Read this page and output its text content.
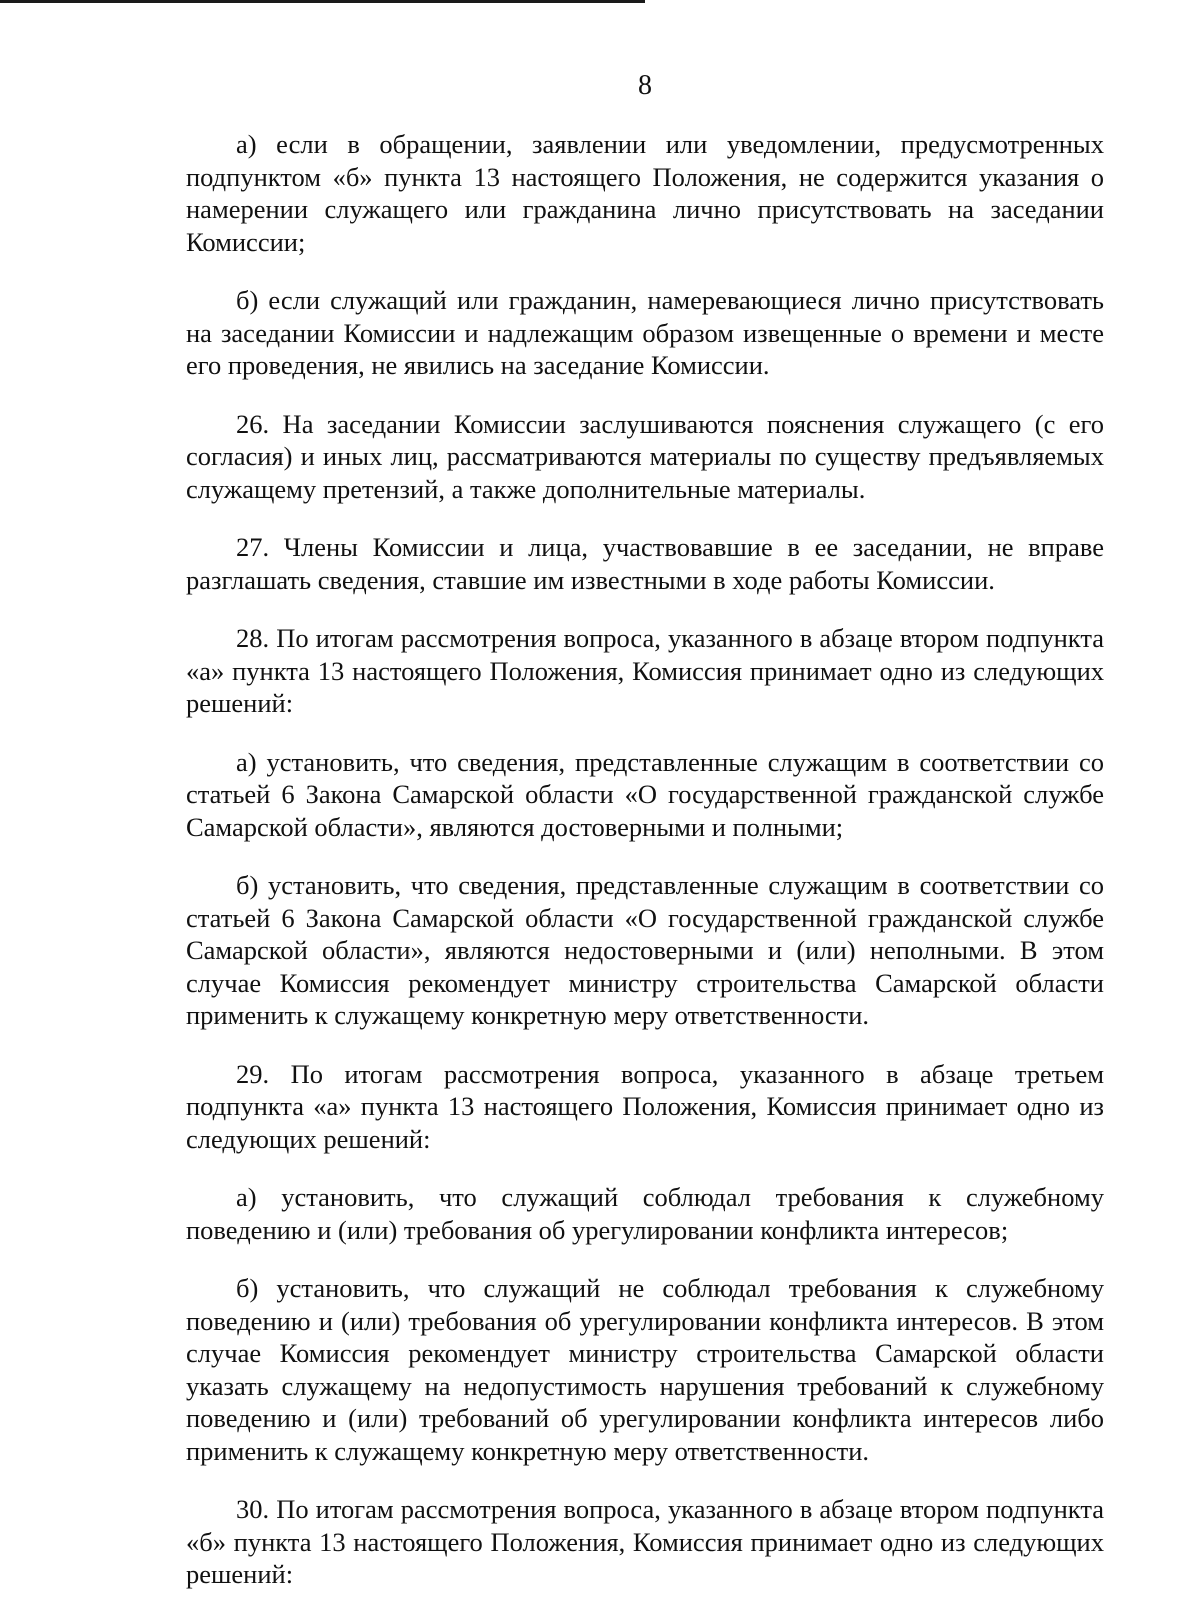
8

а) если в обращении, заявлении или уведомлении, предусмотренных подпунктом «б» пункта 13 настоящего Положения, не содержится указания о намерении служащего или гражданина лично присутствовать на заседании Комиссии;

б) если служащий или гражданин, намеревающиеся лично присутствовать на заседании Комиссии и надлежащим образом извещенные о времени и месте его проведения, не явились на заседание Комиссии.

26. На заседании Комиссии заслушиваются пояснения служащего (с его согласия) и иных лиц, рассматриваются материалы по существу предъявляемых служащему претензий, а также дополнительные материалы.

27. Члены Комиссии и лица, участвовавшие в ее заседании, не вправе разглашать сведения, ставшие им известными в ходе работы Комиссии.

28. По итогам рассмотрения вопроса, указанного в абзаце втором подпункта «а» пункта 13 настоящего Положения, Комиссия принимает одно из следующих решений:

а) установить, что сведения, представленные служащим в соответствии со статьей 6 Закона Самарской области «О государственной гражданской службе Самарской области», являются достоверными и полными;

б) установить, что сведения, представленные служащим в соответствии со статьей 6 Закона Самарской области «О государственной гражданской службе Самарской области», являются недостоверными и (или) неполными. В этом случае Комиссия рекомендует министру строительства Самарской области применить к служащему конкретную меру ответственности.

29. По итогам рассмотрения вопроса, указанного в абзаце третьем подпункта «а» пункта 13 настоящего Положения, Комиссия принимает одно из следующих решений:

а) установить, что служащий соблюдал требования к служебному поведению и (или) требования об урегулировании конфликта интересов;

б) установить, что служащий не соблюдал требования к служебному поведению и (или) требования об урегулировании конфликта интересов. В этом случае Комиссия рекомендует министру строительства Самарской области указать служащему на недопустимость нарушения требований к служебному поведению и (или) требований об урегулировании конфликта интересов либо применить к служащему конкретную меру ответственности.

30. По итогам рассмотрения вопроса, указанного в абзаце втором подпункта «б» пункта 13 настоящего Положения, Комиссия принимает одно из следующих решений:
